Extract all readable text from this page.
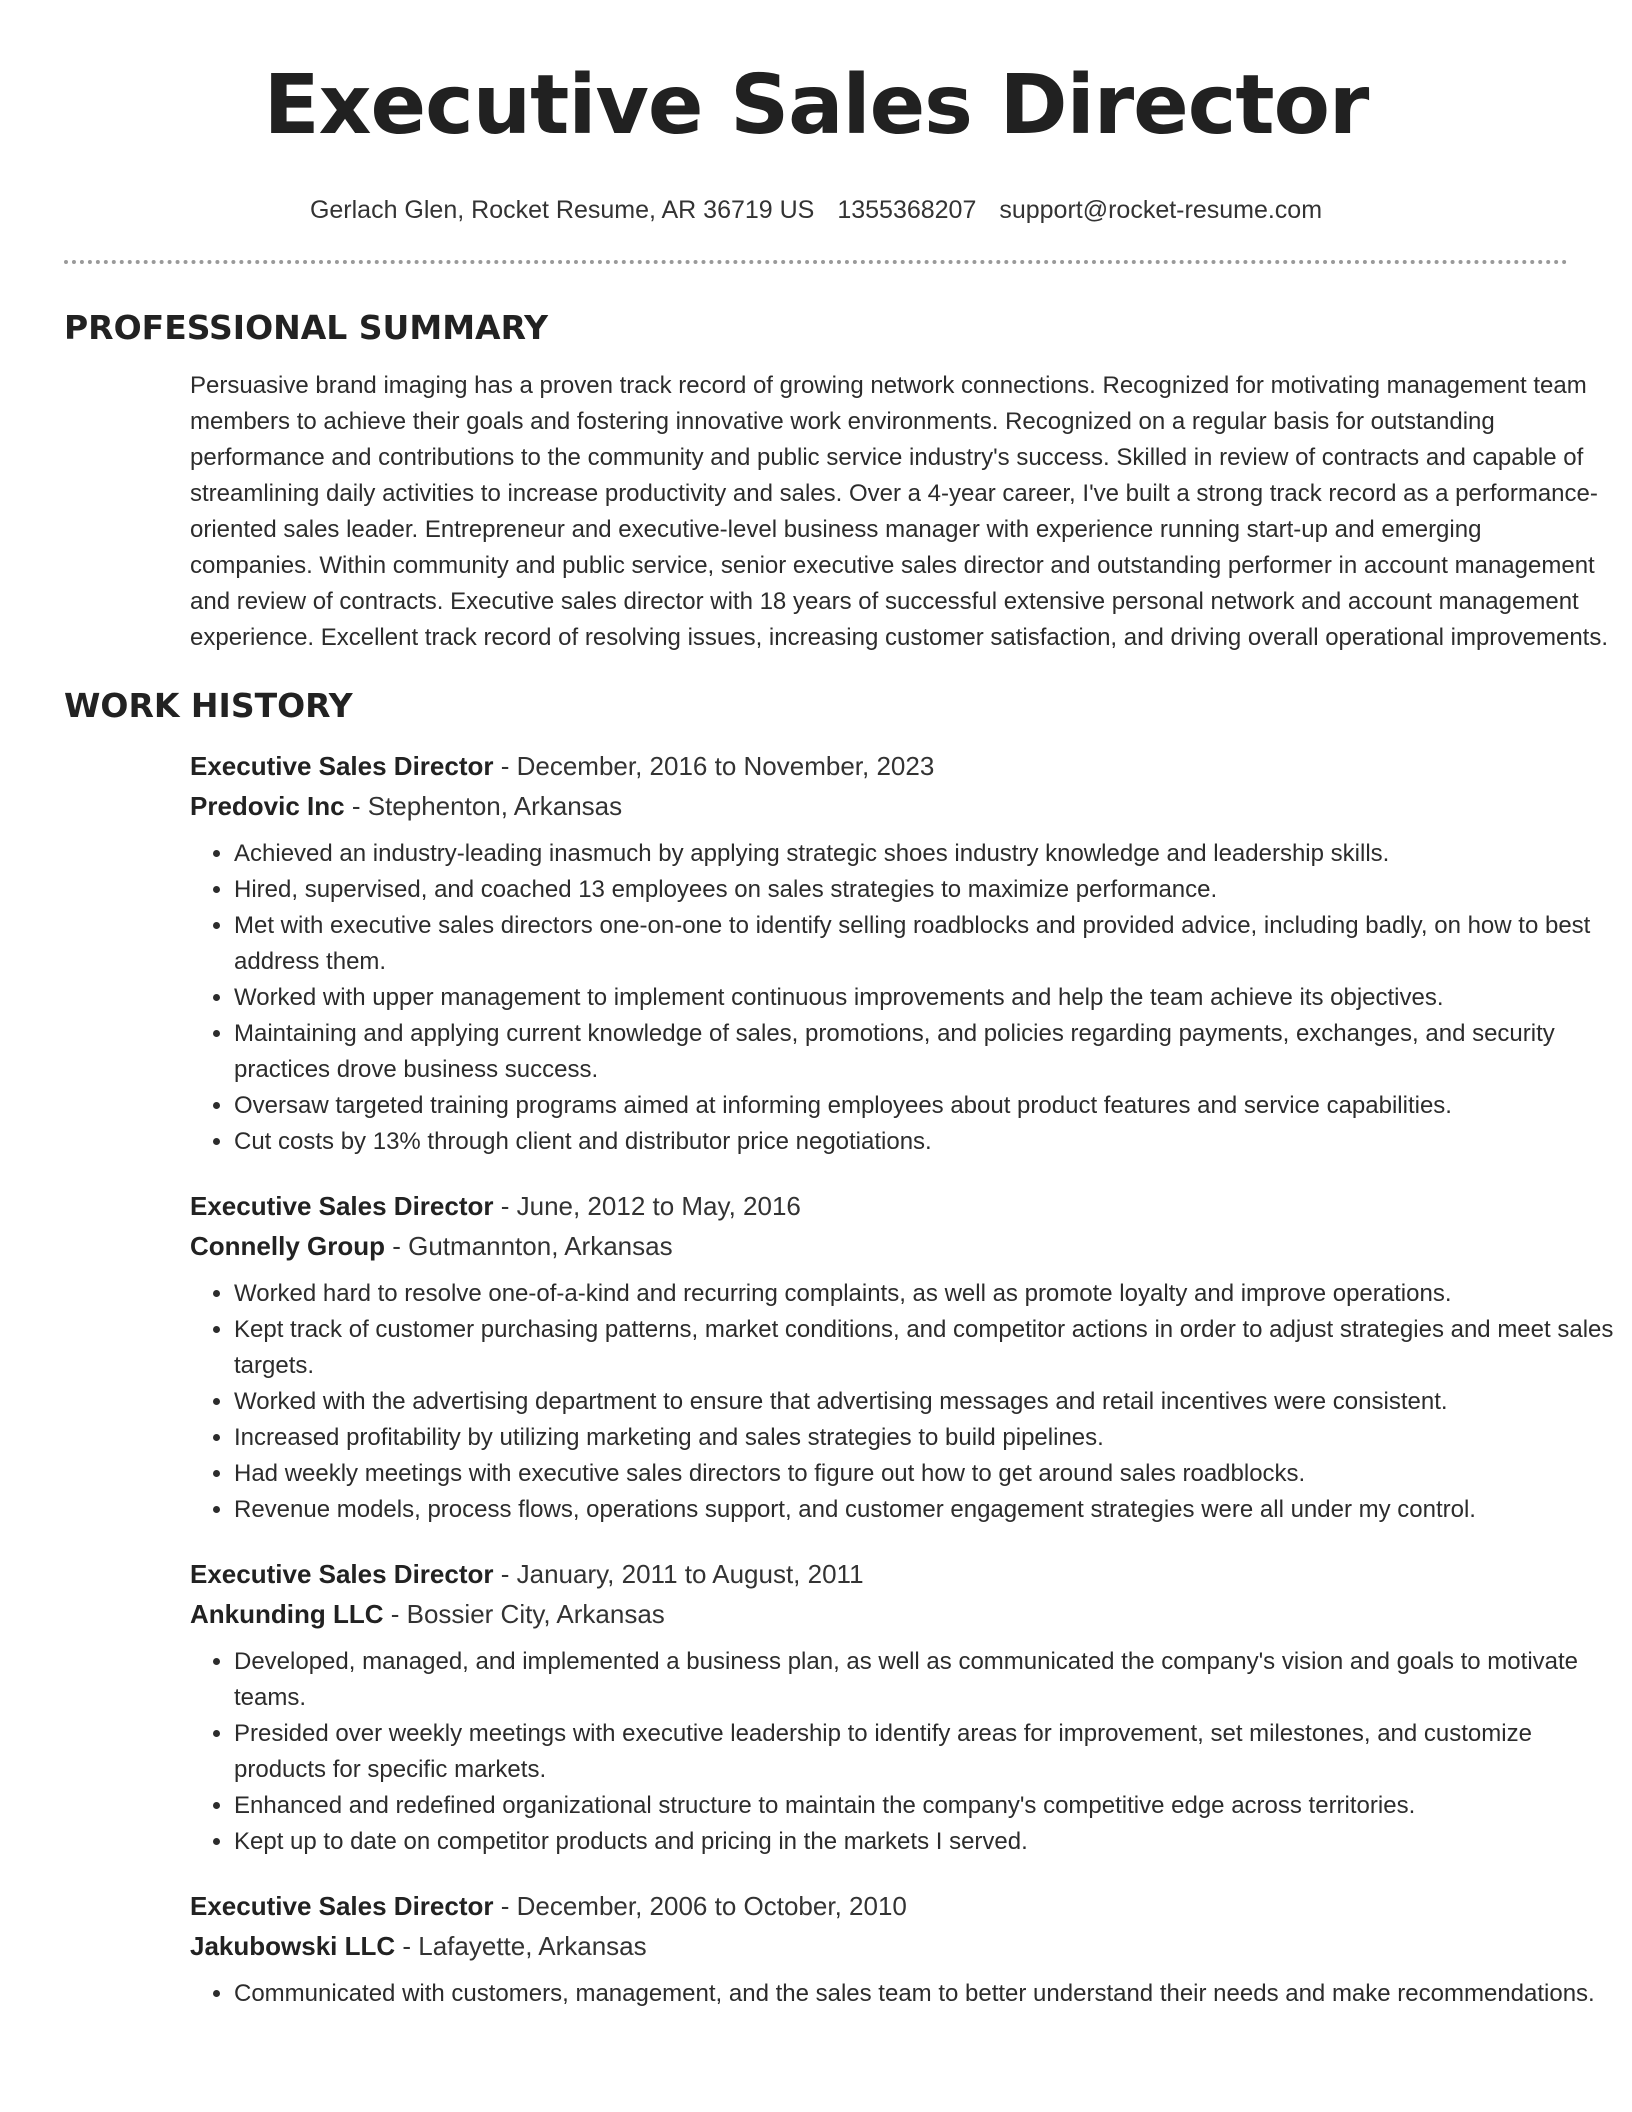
Executive Sales Director
Gerlach Glen, Rocket Resume, AR 36719 US 1355368207 support@rocket-resume.com
PROFESSIONAL SUMMARY

Persuasive brand imaging has a proven track record of growing network connections. Recognized for motivating management team members to achieve their goals and fostering innovative work environments. Recognized on a regular basis for outstanding performance and contributions to the community and public service industry's success. Skilled in review of contracts and capable of streamlining daily activities to increase productivity and sales. Over a 4-year career, I've built a strong track record as a performance-oriented sales leader. Entrepreneur and executive-level business manager with experience running start-up and emerging companies. Within community and public service, senior executive sales director and outstanding performer in account management and review of contracts. Executive sales director with 18 years of successful extensive personal network and account management experience. Excellent track record of resolving issues, increasing customer satisfaction, and driving overall operational improvements.

WORK HISTORY
Executive Sales Director - December, 2016 to November, 2023
Predovic Inc - Stephenton, Arkansas
• Achieved an industry-leading inasmuch by applying strategic shoes industry knowledge and leadership skills.
• Hired, supervised, and coached 13 employees on sales strategies to maximize performance.
• Met with executive sales directors one-on-one to identify selling roadblocks and provided advice, including badly, on how to best address them.
• Worked with upper management to implement continuous improvements and help the team achieve its objectives.
• Maintaining and applying current knowledge of sales, promotions, and policies regarding payments, exchanges, and security practices drove business success.
• Oversaw targeted training programs aimed at informing employees about product features and service capabilities.
• Cut costs by 13% through client and distributor price negotiations.
Executive Sales Director - June, 2012 to May, 2016
Connelly Group - Gutmannton, Arkansas
• Worked hard to resolve one-of-a-kind and recurring complaints, as well as promote loyalty and improve operations.
• Kept track of customer purchasing patterns, market conditions, and competitor actions in order to adjust strategies and meet sales targets.
• Worked with the advertising department to ensure that advertising messages and retail incentives were consistent.
• Increased profitability by utilizing marketing and sales strategies to build pipelines.
• Had weekly meetings with executive sales directors to figure out how to get around sales roadblocks.
• Revenue models, process flows, operations support, and customer engagement strategies were all under my control.
Executive Sales Director - January, 2011 to August, 2011
Ankunding LLC - Bossier City, Arkansas
• Developed, managed, and implemented a business plan, as well as communicated the company's vision and goals to motivate teams.
• Presided over weekly meetings with executive leadership to identify areas for improvement, set milestones, and customize products for specific markets.
• Enhanced and redefined organizational structure to maintain the company's competitive edge across territories.
• Kept up to date on competitor products and pricing in the markets I served.
Executive Sales Director - December, 2006 to October, 2010
Jakubowski LLC - Lafayette, Arkansas
• Communicated with customers, management, and the sales team to better understand their needs and make recommendations.
